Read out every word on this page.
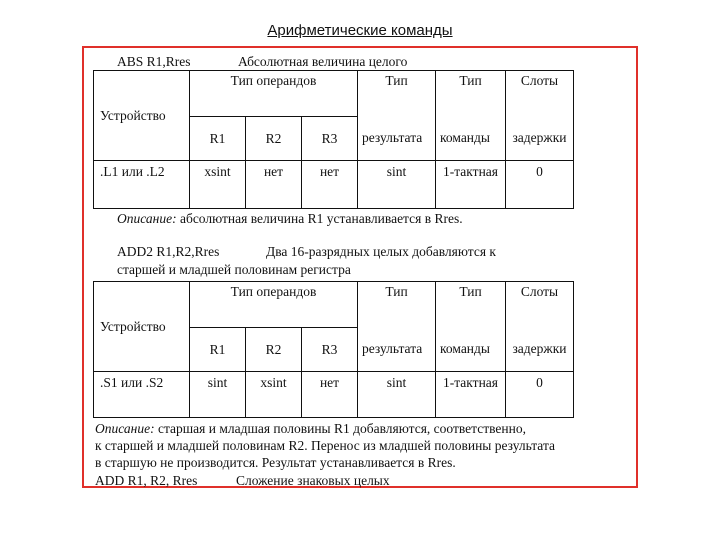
Арифметические команды
ABS R1,Rres	Абсолютная величина целого
Устройство	Тип операндов			Тип	Тип	Слоты
	R1	R2	R3	результата	команды	задержки
.L1 или .L2	xsint	нет	нет	sint	1-тактная	0
Описание: абсолютная величина R1 устанавливается в Rres.
ADD2 R1,R2,Rres	Два 16-разрядных целых добавляются к
старшей и младшей половинам регистра
Устройство	Тип операндов			Тип	Тип	Слоты
	R1	R2	R3	результата	команды	задержки
.S1 или .S2	sint	xsint	нет	sint	1-тактная	0
Описание: старшая и младшая половины R1 добавляются, соответственно,
к старшей и младшей половинам R2. Перенос из младшей половины результата
в старшую не производится. Результат устанавливается в Rres.
ADD R1, R2, Rres	Сложение знаковых целых
